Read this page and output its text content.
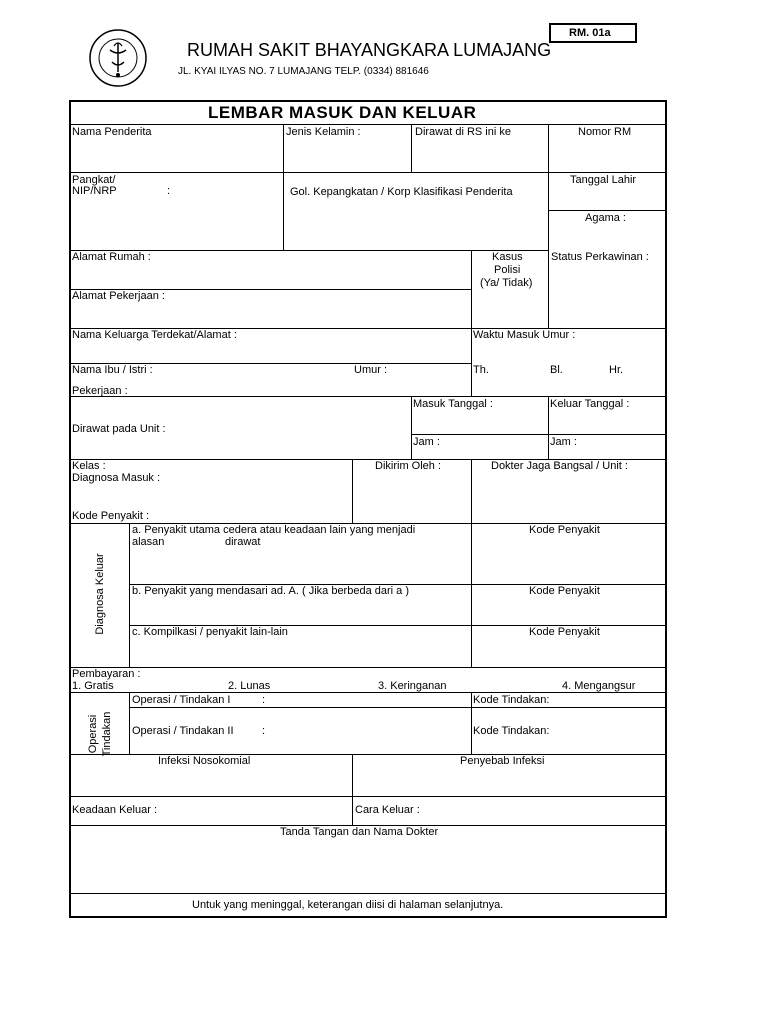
RM. 01a
RUMAH SAKIT BHAYANGKARA LUMAJANG
JL. KYAI ILYAS NO. 7 LUMAJANG TELP. (0334) 881646
LEMBAR MASUK DAN KELUAR
Nama Penderita	Jenis Kelamin :	Dirawat di RS ini ke	Nomor RM
Pangkat/
NIP/NRP	:	Gol. Kepangkatan / Korp Klasifikasi Penderita
Tanggal Lahir
Agama :
Alamat Rumah :	Kasus
Polisi
(Ya/ Tidak)
Status Perkawinan :
Alamat Pekerjaan :
Nama Keluarga Terdekat/Alamat :	Waktu Masuk Umur :
Nama Ibu / Istri :	Umur :	Th.	Bl.	Hr.
Pekerjaan :
Masuk Tanggal :	Keluar Tanggal :
Dirawat pada Unit :
Jam :	Jam :
Kelas :
Diagnosa Masuk :
Dikirim Oleh :	Dokter Jaga Bangsal / Unit :
Kode Penyakit :
Diagnosa Keluar
a. Penyakit utama cedera atau keadaan lain yang menjadi
alasan	dirawat
Kode Penyakit
b. Penyakit yang mendasari ad. A. ( Jika berbeda dari a )	Kode Penyakit
c. Kompilkasi / penyakit lain-lain	Kode Penyakit
Pembayaran :
1. Gratis	2. Lunas	3. Keringanan	4. Mengangsur
Operasi Tindakan
Operasi / Tindakan I	:	Kode Tindakan:
Operasi / Tindakan II	:	Kode Tindakan:
Infeksi Nosokomial	Penyebab Infeksi
Keadaan Keluar :	Cara Keluar :
Tanda Tangan dan Nama Dokter
Untuk yang meninggal, keterangan diisi di halaman selanjutnya.
